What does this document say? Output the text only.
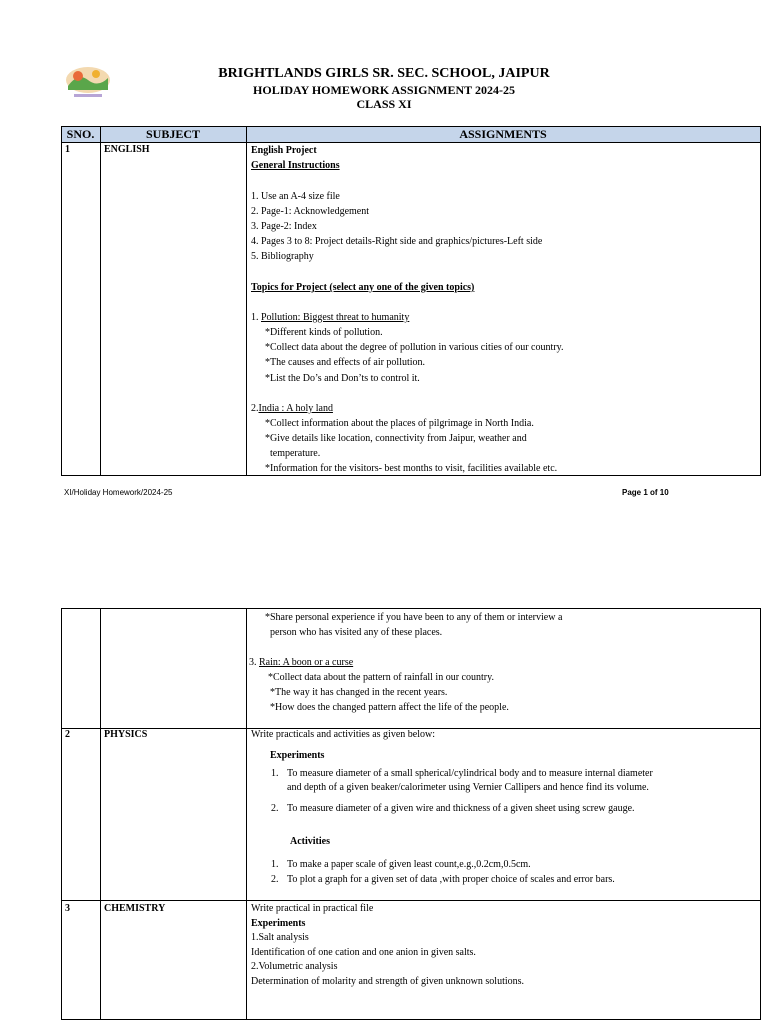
BRIGHTLANDS GIRLS SR. SEC. SCHOOL, JAIPUR
HOLIDAY HOMEWORK ASSIGNMENT 2024-25
CLASS XI
SNO.	SUBJECT	ASSIGNMENTS
1	ENGLISH	English Project
General Instructions
1. Use an A-4 size file
2. Page-1: Acknowledgement
3. Page-2: Index
4. Pages 3 to 8: Project details-Right side and graphics/pictures-Left side
5. Bibliography
Topics for Project (select any one of the given topics)
1. Pollution: Biggest threat to humanity
*Different kinds of pollution.
*Collect data about the degree of pollution in various cities of our country.
*The causes and effects of air pollution.
*List the Do’s and Don’ts to control it.
2.India : A holy land
*Collect information about the places of pilgrimage in North India.
*Give details like location, connectivity from Jaipur, weather and
temperature.
*Information for the visitors- best months to visit, facilities available etc.
XI/Holiday Homework/2024-25	Page 1 of 10
*Share personal experience if you have been to any of them or interview a
person who has visited any of these places.
3. Rain: A boon or a curse
*Collect data about the pattern of rainfall in our country.
*The way it has changed in the recent years.
*How does the changed pattern affect the life of the people.
2	PHYSICS	Write practicals and activities as given below:
Experiments
1. To measure diameter of a small spherical/cylindrical body and to measure internal diameter
and depth of a given beaker/calorimeter using Vernier Callipers and hence find its volume.
2. To measure diameter of a given wire and thickness of a given sheet using screw gauge.
Activities
1. To make a paper scale of given least count,e.g.,0.2cm,0.5cm.
2. To plot a graph for a given set of data ,with proper choice of scales and error bars.
3	CHEMISTRY	Write practical in practical file
Experiments
1.Salt analysis
Identification of one cation and one anion in given salts.
2.Volumetric analysis
Determination of molarity and strength of given unknown solutions.
